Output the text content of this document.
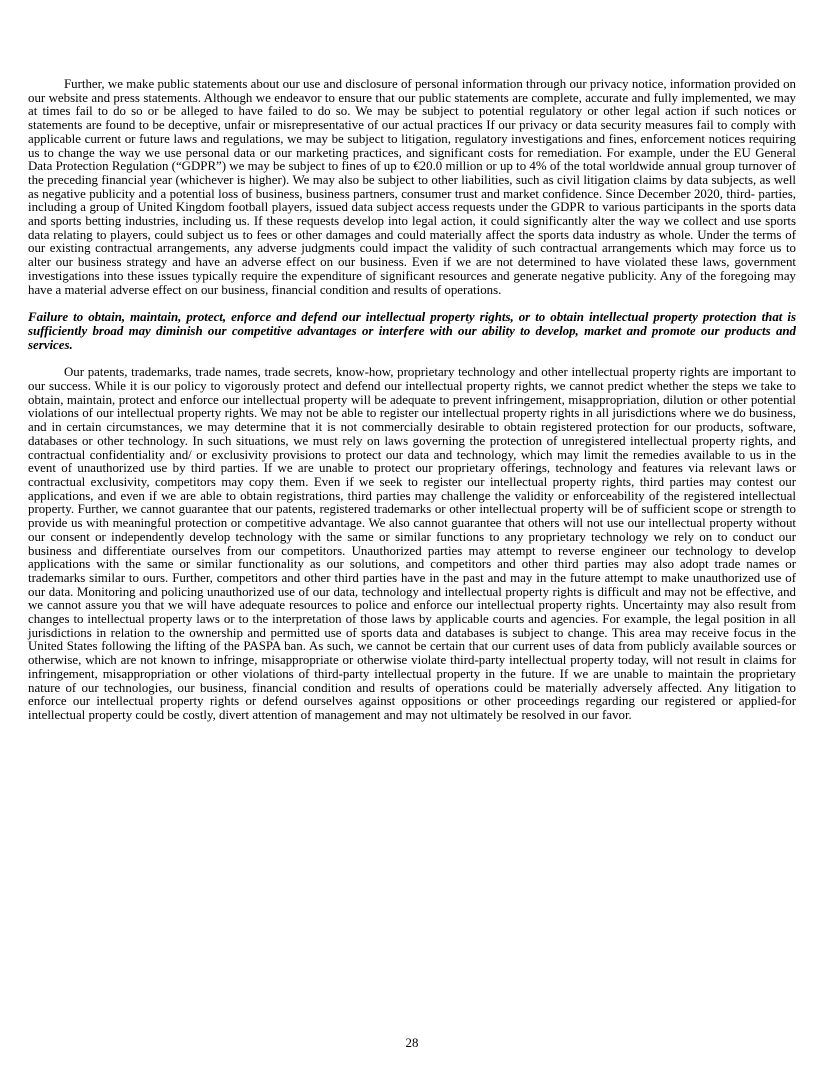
Further, we make public statements about our use and disclosure of personal information through our privacy notice, information provided on our website and press statements. Although we endeavor to ensure that our public statements are complete, accurate and fully implemented, we may at times fail to do so or be alleged to have failed to do so. We may be subject to potential regulatory or other legal action if such notices or statements are found to be deceptive, unfair or misrepresentative of our actual practices If our privacy or data security measures fail to comply with applicable current or future laws and regulations, we may be subject to litigation, regulatory investigations and fines, enforcement notices requiring us to change the way we use personal data or our marketing practices, and significant costs for remediation. For example, under the EU General Data Protection Regulation (“GDPR”) we may be subject to fines of up to €20.0 million or up to 4% of the total worldwide annual group turnover of the preceding financial year (whichever is higher). We may also be subject to other liabilities, such as civil litigation claims by data subjects, as well as negative publicity and a potential loss of business, business partners, consumer trust and market confidence. Since December 2020, third- parties, including a group of United Kingdom football players, issued data subject access requests under the GDPR to various participants in the sports data and sports betting industries, including us. If these requests develop into legal action, it could significantly alter the way we collect and use sports data relating to players, could subject us to fees or other damages and could materially affect the sports data industry as whole. Under the terms of our existing contractual arrangements, any adverse judgments could impact the validity of such contractual arrangements which may force us to alter our business strategy and have an adverse effect on our business. Even if we are not determined to have violated these laws, government investigations into these issues typically require the expenditure of significant resources and generate negative publicity. Any of the foregoing may have a material adverse effect on our business, financial condition and results of operations.

Failure to obtain, maintain, protect, enforce and defend our intellectual property rights, or to obtain intellectual property protection that is sufficiently broad may diminish our competitive advantages or interfere with our ability to develop, market and promote our products and services.

Our patents, trademarks, trade names, trade secrets, know-how, proprietary technology and other intellectual property rights are important to our success. While it is our policy to vigorously protect and defend our intellectual property rights, we cannot predict whether the steps we take to obtain, maintain, protect and enforce our intellectual property will be adequate to prevent infringement, misappropriation, dilution or other potential violations of our intellectual property rights. We may not be able to register our intellectual property rights in all jurisdictions where we do business, and in certain circumstances, we may determine that it is not commercially desirable to obtain registered protection for our products, software, databases or other technology. In such situations, we must rely on laws governing the protection of unregistered intellectual property rights, and contractual confidentiality and/ or exclusivity provisions to protect our data and technology, which may limit the remedies available to us in the event of unauthorized use by third parties. If we are unable to protect our proprietary offerings, technology and features via relevant laws or contractual exclusivity, competitors may copy them. Even if we seek to register our intellectual property rights, third parties may contest our applications, and even if we are able to obtain registrations, third parties may challenge the validity or enforceability of the registered intellectual property. Further, we cannot guarantee that our patents, registered trademarks or other intellectual property will be of sufficient scope or strength to provide us with meaningful protection or competitive advantage. We also cannot guarantee that others will not use our intellectual property without our consent or independently develop technology with the same or similar functions to any proprietary technology we rely on to conduct our business and differentiate ourselves from our competitors. Unauthorized parties may attempt to reverse engineer our technology to develop applications with the same or similar functionality as our solutions, and competitors and other third parties may also adopt trade names or trademarks similar to ours. Further, competitors and other third parties have in the past and may in the future attempt to make unauthorized use of our data. Monitoring and policing unauthorized use of our data, technology and intellectual property rights is difficult and may not be effective, and we cannot assure you that we will have adequate resources to police and enforce our intellectual property rights. Uncertainty may also result from changes to intellectual property laws or to the interpretation of those laws by applicable courts and agencies. For example, the legal position in all jurisdictions in relation to the ownership and permitted use of sports data and databases is subject to change. This area may receive focus in the United States following the lifting of the PASPA ban. As such, we cannot be certain that our current uses of data from publicly available sources or otherwise, which are not known to infringe, misappropriate or otherwise violate third-party intellectual property today, will not result in claims for infringement, misappropriation or other violations of third-party intellectual property in the future. If we are unable to maintain the proprietary nature of our technologies, our business, financial condition and results of operations could be materially adversely affected. Any litigation to enforce our intellectual property rights or defend ourselves against oppositions or other proceedings regarding our registered or applied-for intellectual property could be costly, divert attention of management and may not ultimately be resolved in our favor.

28
